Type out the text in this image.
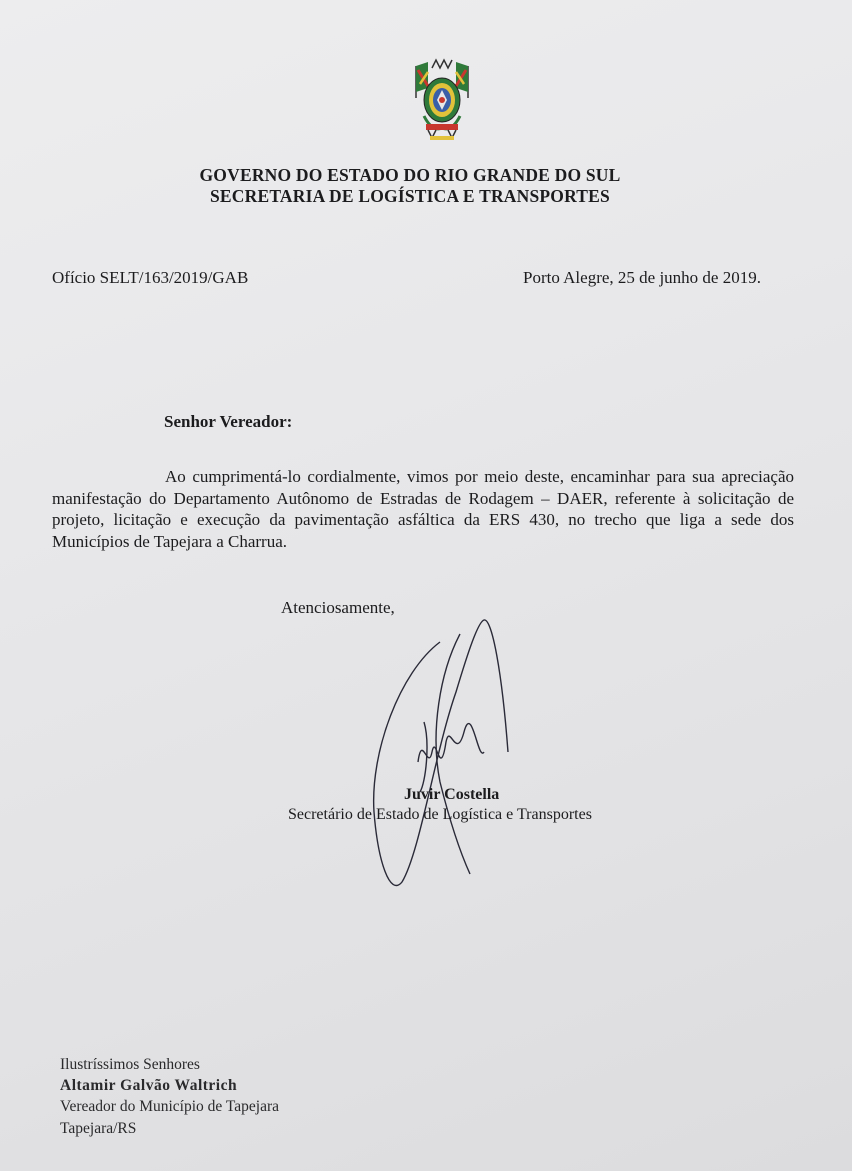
GOVERNO DO ESTADO DO RIO GRANDE DO SUL
SECRETARIA DE LOGÍSTICA E TRANSPORTES
Ofício SELT/163/2019/GAB	Porto Alegre, 25 de junho de 2019.
Senhor Vereador:
Ao cumprimentá-lo cordialmente, vimos por meio deste, encaminhar para sua apreciação manifestação do Departamento Autônomo de Estradas de Rodagem – DAER, referente à solicitação de projeto, licitação e execução da pavimentação asfáltica da ERS 430, no trecho que liga a sede dos Municípios de Tapejara a Charrua.
Atenciosamente,
Juvir Costella
Secretário de Estado de Logística e Transportes
Ilustríssimos Senhores
Altamir Galvão Waltrich
Vereador do Município de Tapejara
Tapejara/RS
